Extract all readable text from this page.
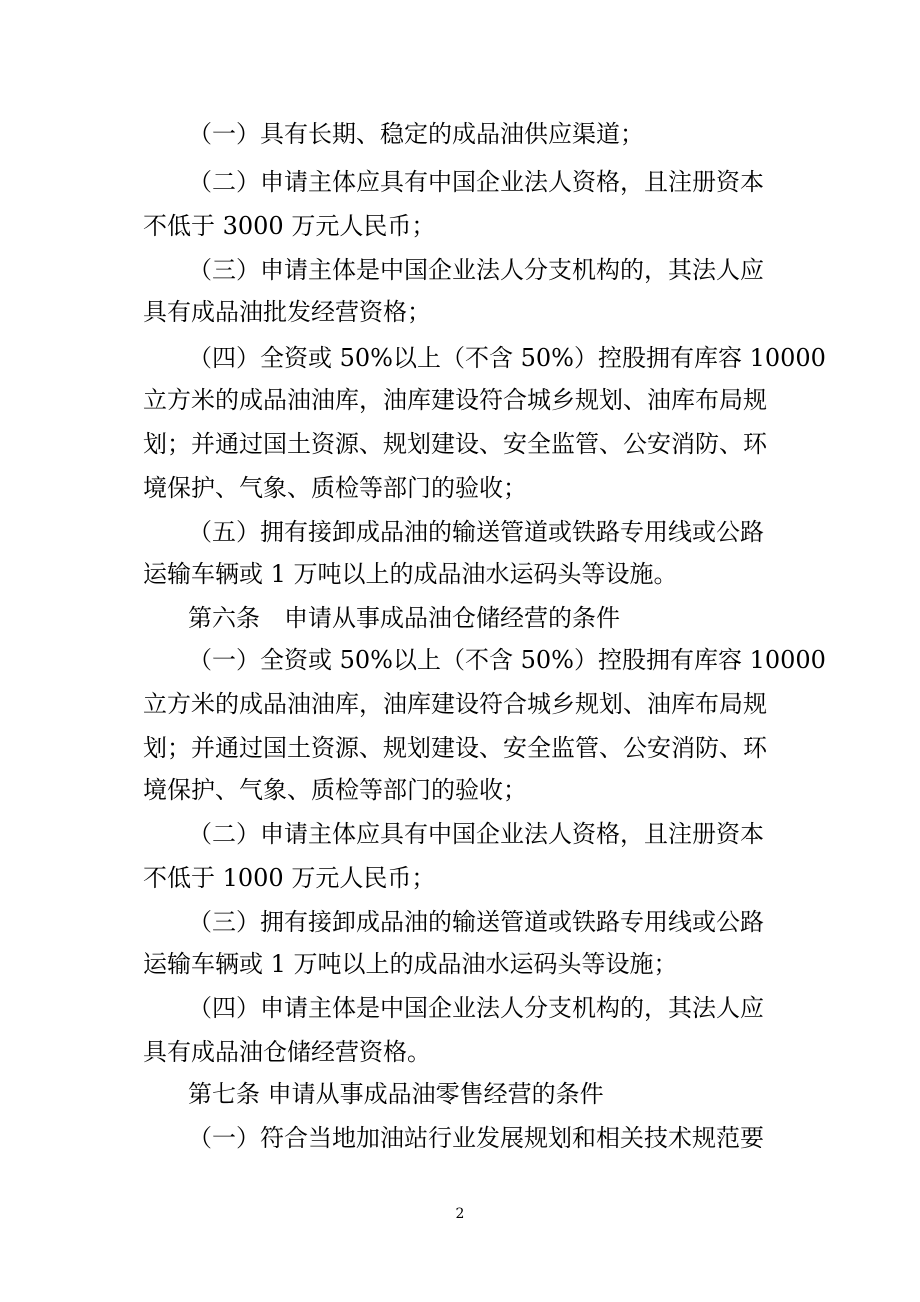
（一）具有长期、稳定的成品油供应渠道；
（二）申请主体应具有中国企业法人资格，且注册资本
不低于 3000 万元人民币；
（三）申请主体是中国企业法人分支机构的，其法人应
具有成品油批发经营资格；
（四）全资或 50%以上（不含 50%）控股拥有库容 10000
立方米的成品油油库，油库建设符合城乡规划、油库布局规
划；并通过国土资源、规划建设、安全监管、公安消防、环
境保护、气象、质检等部门的验收；
（五）拥有接卸成品油的输送管道或铁路专用线或公路
运输车辆或 1 万吨以上的成品油水运码头等设施。
第六条　申请从事成品油仓储经营的条件
（一）全资或 50%以上（不含 50%）控股拥有库容 10000
立方米的成品油油库，油库建设符合城乡规划、油库布局规
划；并通过国土资源、规划建设、安全监管、公安消防、环
境保护、气象、质检等部门的验收；
（二）申请主体应具有中国企业法人资格，且注册资本
不低于 1000 万元人民币；
（三）拥有接卸成品油的输送管道或铁路专用线或公路
运输车辆或 1 万吨以上的成品油水运码头等设施；
（四）申请主体是中国企业法人分支机构的，其法人应
具有成品油仓储经营资格。
第七条 申请从事成品油零售经营的条件
（一）符合当地加油站行业发展规划和相关技术规范要
2
